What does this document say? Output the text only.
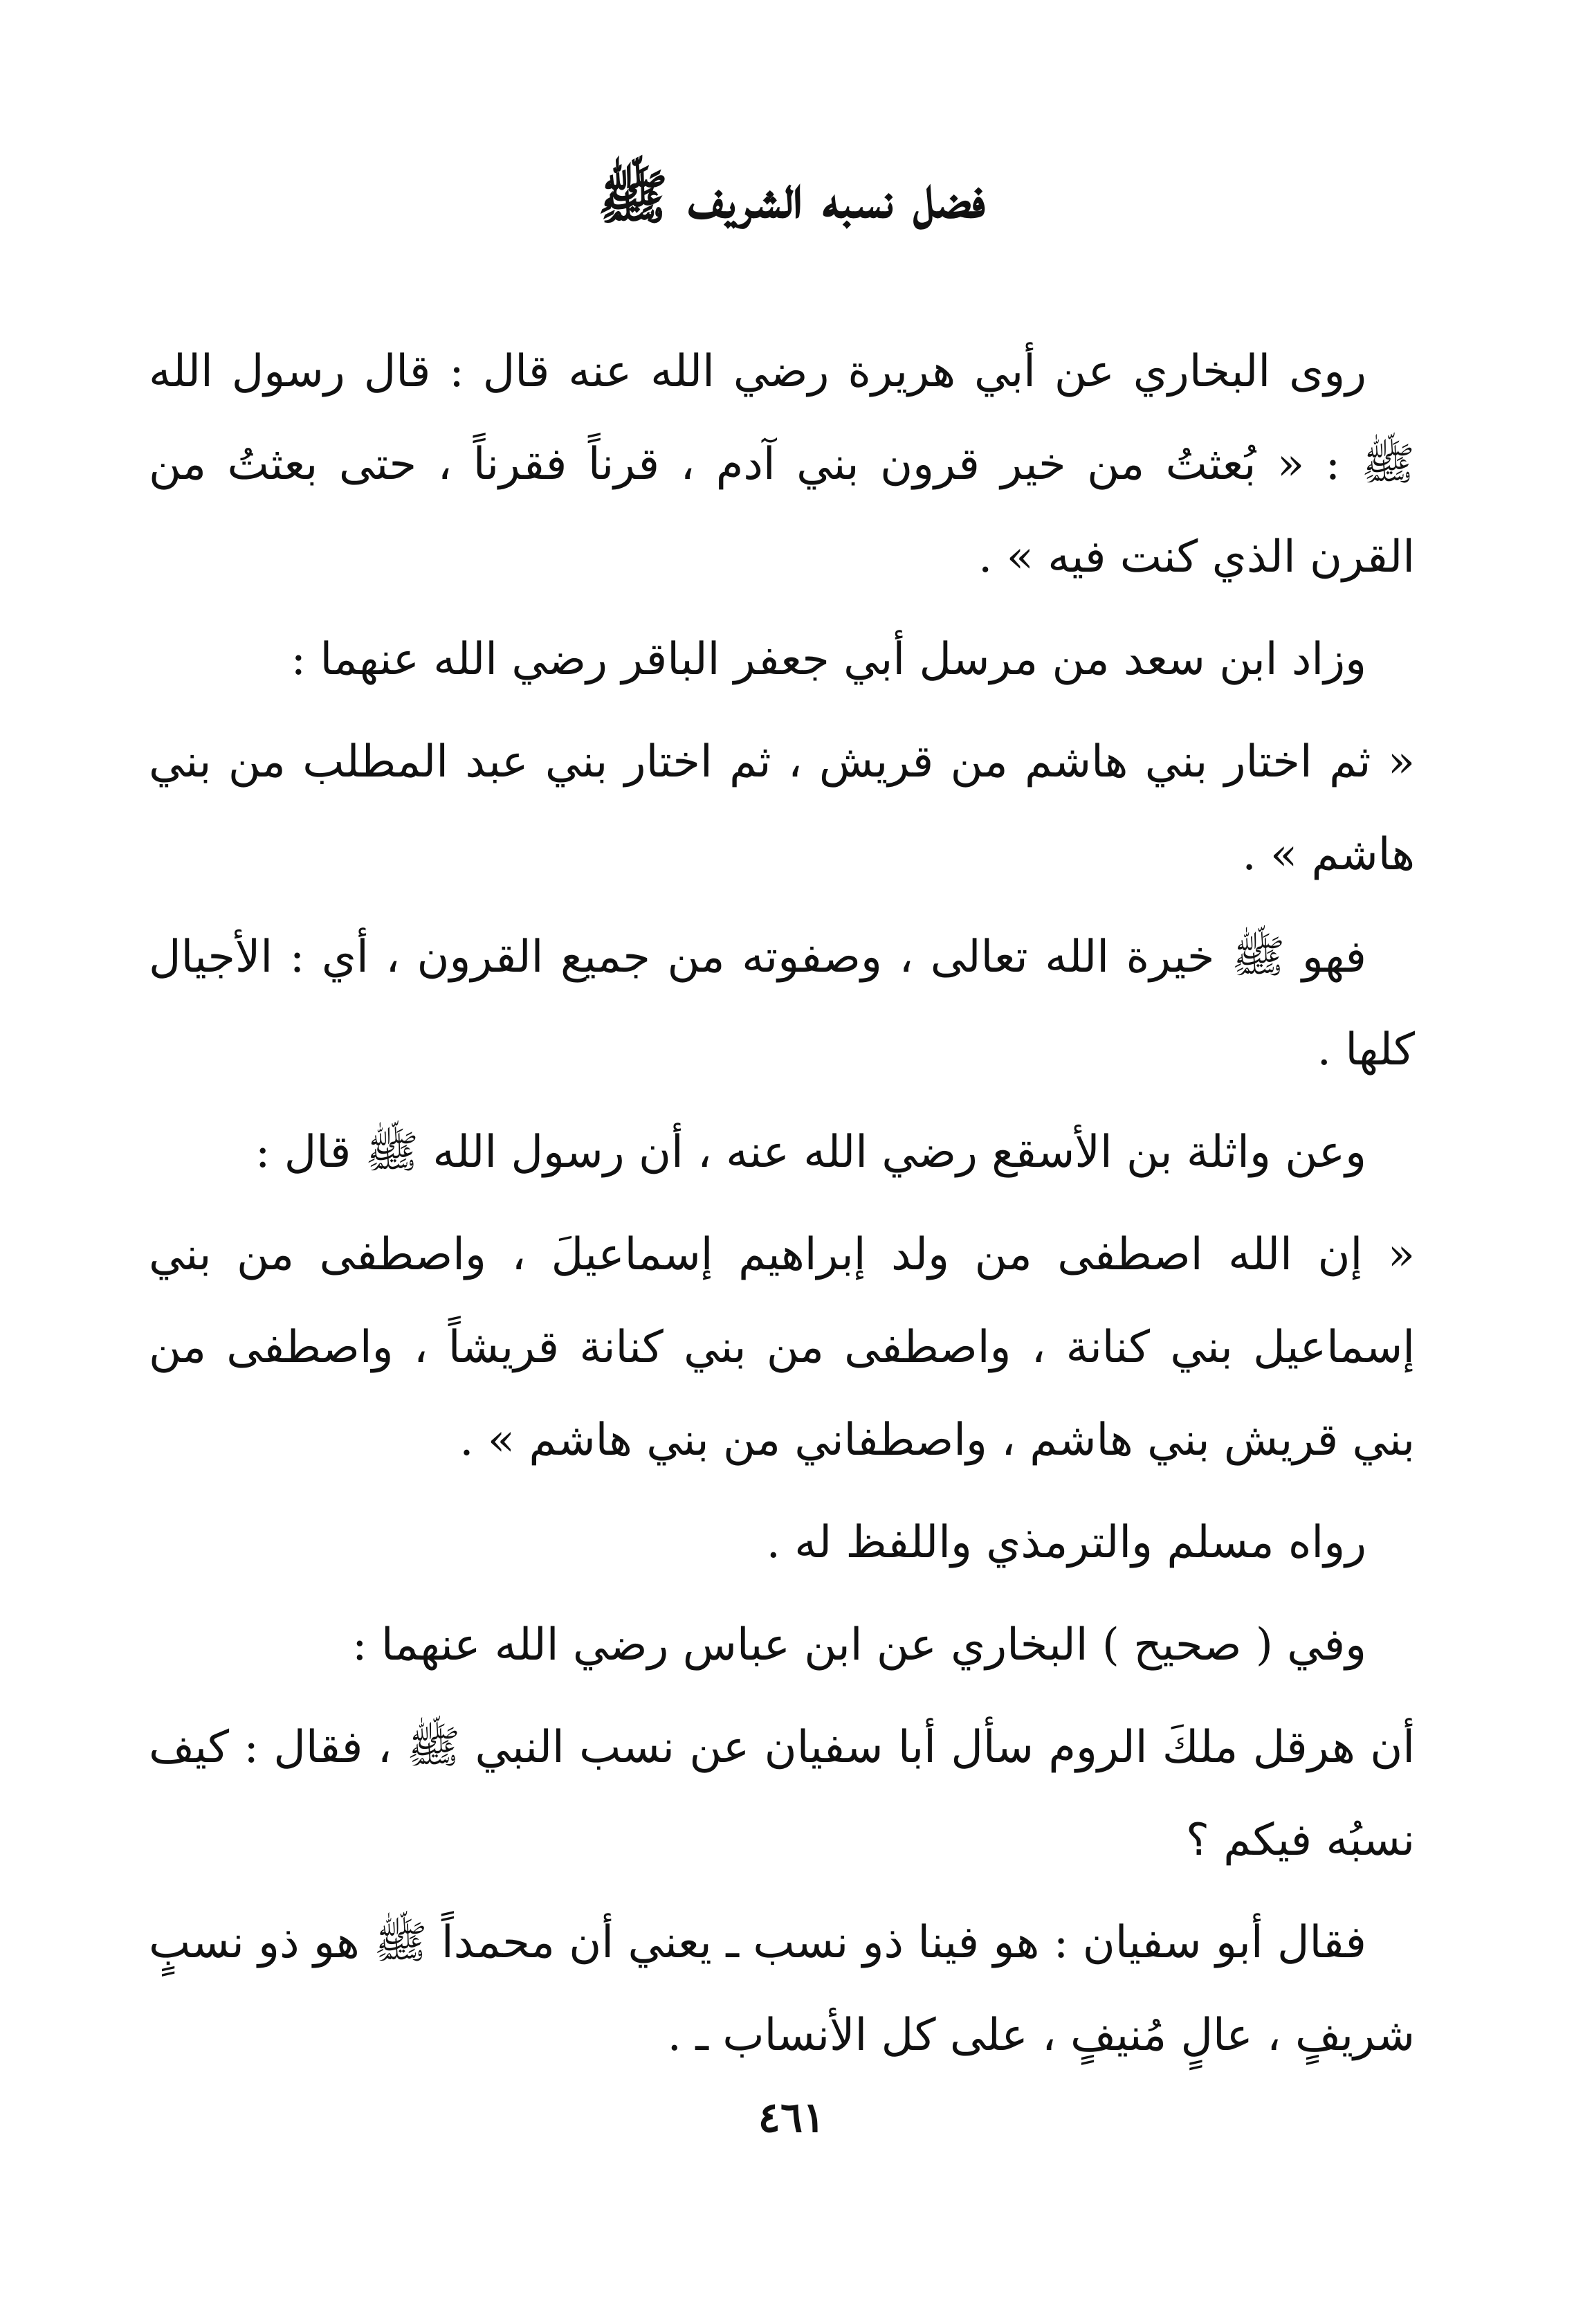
فضل نسبه الشريف ﷺ

روى البخاري عن أبي هريرة رضي الله عنه قال : قال رسول الله ﷺ : « بُعثتُ من خير قرون بني آدم ، قرناً فقرناً ، حتى بعثتُ من القرن الذي كنت فيه » .

وزاد ابن سعد من مرسل أبي جعفر الباقر رضي الله عنهما :

« ثم اختار بني هاشم من قريش ، ثم اختار بني عبد المطلب من بني هاشم » .

فهو ﷺ خيرة الله تعالى ، وصفوته من جميع القرون ، أي : الأجيال كلها .

وعن واثلة بن الأسقع رضي الله عنه ، أن رسول الله ﷺ قال :

« إن الله اصطفى من ولد إبراهيم إسماعيلَ ، واصطفى من بني إسماعيل بني كنانة ، واصطفى من بني كنانة قريشاً ، واصطفى من بني قريش بني هاشم ، واصطفاني من بني هاشم » .

رواه مسلم والترمذي واللفظ له .

وفي ( صحيح ) البخاري عن ابن عباس رضي الله عنهما :

أن هرقل ملكَ الروم سأل أبا سفيان عن نسب النبي ﷺ ، فقال : كيف نسبُه فيكم ؟

فقال أبو سفيان : هو فينا ذو نسب ـ يعني أن محمداً ﷺ هو ذو نسبٍ شريفٍ ، عالٍ مُنيفٍ ، على كل الأنساب ـ .

٤٦١
